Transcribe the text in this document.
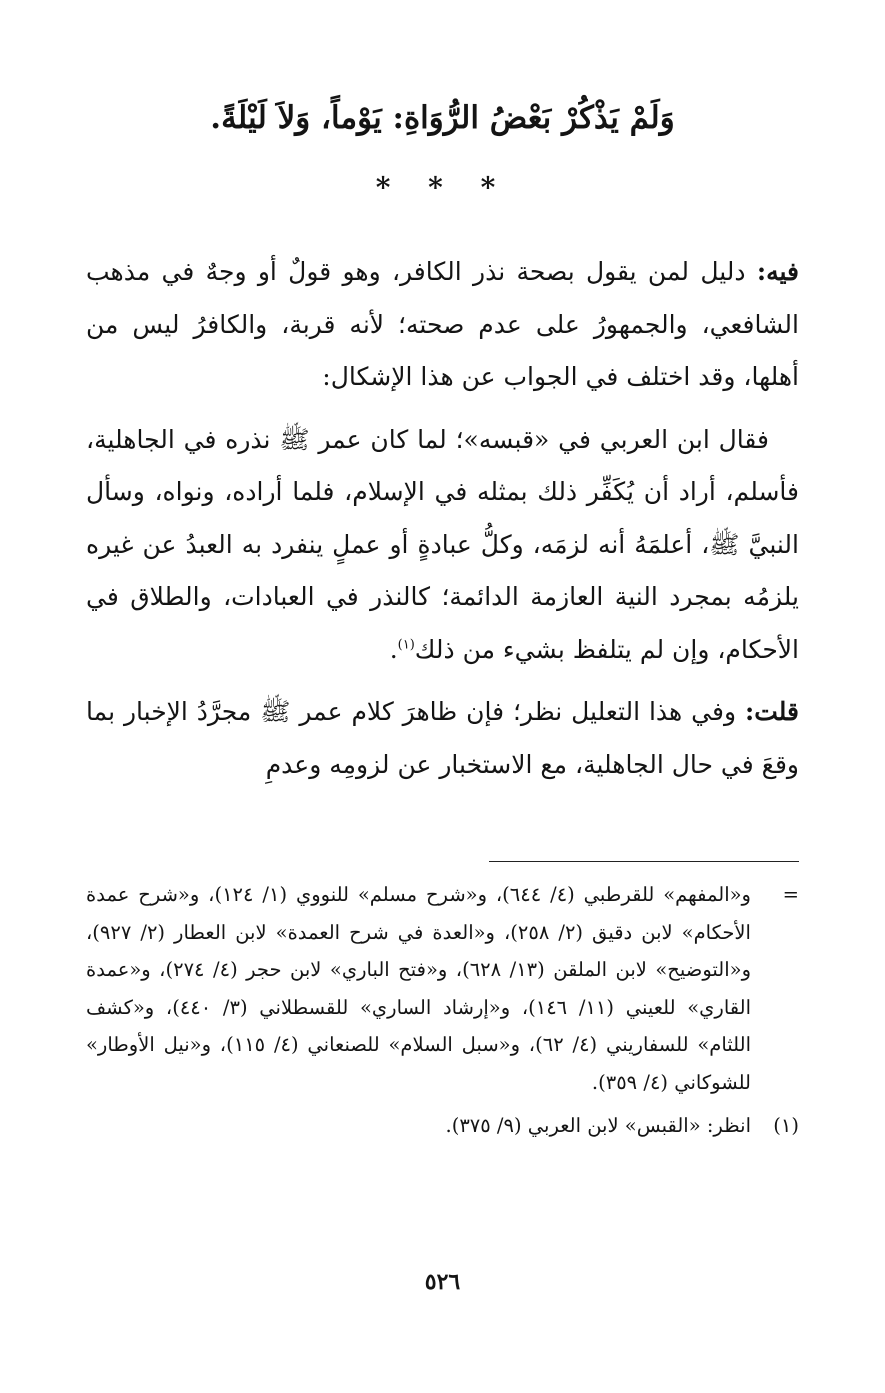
وَلَمْ يَذْكُرْ بَعْضُ الرُّوَاةِ: يَوْماً، وَلاَ لَيْلَةً.
* * *

فيه: دليل لمن يقول بصحة نذر الكافر، وهو قولٌ أو وجهٌ في مذهب الشافعي، والجمهورُ على عدم صحته؛ لأنه قربة، والكافرُ ليس من أهلها، وقد اختلف في الجواب عن هذا الإشكال:

فقال ابن العربي في «قبسه»؛ لما كان عمر ﷺ نذره في الجاهلية، فأسلم، أراد أن يُكَفِّر ذلك بمثله في الإسلام، فلما أراده، ونواه، وسأل النبيَّ ﷺ، أعلمَهُ أنه لزمَه، وكلُّ عبادةٍ أو عملٍ ينفرد به العبدُ عن غيره يلزمُه بمجرد النية العازمة الدائمة؛ كالنذر في العبادات، والطلاق في الأحكام، وإن لم يتلفظ بشيء من ذلك$^{(١)}$.

قلت: وفي هذا التعليل نظر؛ فإن ظاهرَ كلام عمر ﷺ مجرَّدُ الإخبار بما وقعَ في حال الجاهلية، مع الاستخبار عن لزومِه وعدمِ

=
و«المفهم» للقرطبي (٤/ ٦٤٤)، و«شرح مسلم» للنووي (١/ ١٢٤)، و«شرح عمدة الأحكام» لابن دقيق (٢/ ٢٥٨)، و«العدة في شرح العمدة» لابن العطار (٢/ ٩٢٧)، و«التوضيح» لابن الملقن (١٣/ ٦٢٨)، و«فتح الباري» لابن حجر (٤/ ٢٧٤)، و«عمدة القاري» للعيني (١١/ ١٤٦)، و«إرشاد الساري» للقسطلاني (٣/ ٤٤٠)، و«كشف اللثام» للسفاريني (٤/ ٦٢)، و«سبل السلام» للصنعاني (٤/ ١١٥)، و«نيل الأوطار» للشوكاني (٤/ ٣٥٩).
(١)
انظر: «القبس» لابن العربي (٩/ ٣٧٥).
٥٢٦
